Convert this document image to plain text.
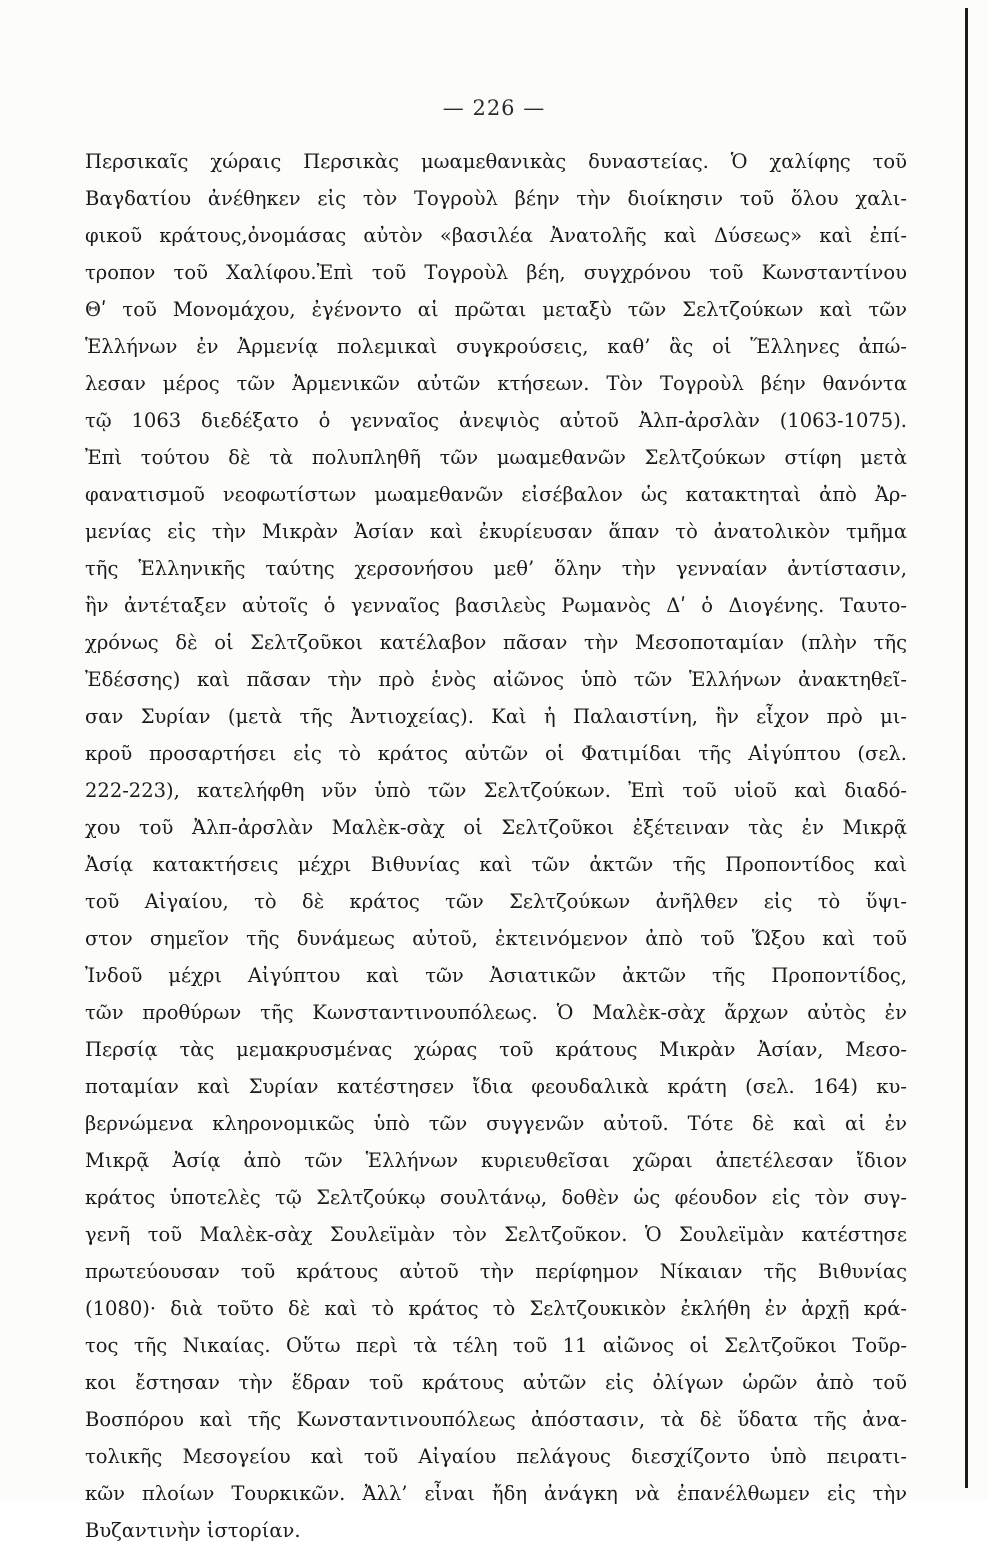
— 226 —
Περσικαῖς χώραις Περσικὰς μωαμεθανικὰς δυναστείας. Ὁ χαλίφης τοῦ
Βαγδατίου ἀνέθηκεν εἰς τὸν Τογροὺλ βέην τὴν διοίκησιν τοῦ ὅλου χαλι-
φικοῦ κράτους,ὀνομάσας αὐτὸν «βασιλέα Ἀνατολῆς καὶ Δύσεως» καὶ ἐπί-
τροπον τοῦ Χαλίφου.Ἐπὶ τοῦ Τογροὺλ βέη, συγχρόνου τοῦ Κωνσταντίνου
Θʹ τοῦ Μονομάχου, ἐγένοντο αἱ πρῶται μεταξὺ τῶν Σελτζούκων καὶ τῶν
Ἑλλήνων ἐν Ἀρμενίᾳ πολεμικαὶ συγκρούσεις, καθ’ ἃς οἱ Ἕλληνες ἀπώ-
λεσαν μέρος τῶν Ἀρμενικῶν αὐτῶν κτήσεων. Τὸν Τογροὺλ βέην θανόντα
τῷ 1063 διεδέξατο ὁ γενναῖος ἀνεψιὸς αὐτοῦ Ἀλπ-ἀρσλὰν (1063-1075).
Ἐπὶ τούτου δὲ τὰ πολυπληθῆ τῶν μωαμεθανῶν Σελτζούκων στίφη μετὰ
φανατισμοῦ νεοφωτίστων μωαμεθανῶν εἰσέβαλον ὡς κατακτηταὶ ἀπὸ Ἀρ-
μενίας εἰς τὴν Μικρὰν Ἀσίαν καὶ ἐκυρίευσαν ἅπαν τὸ ἀνατολικὸν τμῆμα
τῆς Ἑλληνικῆς ταύτης χερσονήσου μεθ’ ὅλην τὴν γενναίαν ἀντίστασιν,
ἣν ἀντέταξεν αὐτοῖς ὁ γενναῖος βασιλεὺς Ρωμανὸς Δʹ ὁ Διογένης. Ταυτο-
χρόνως δὲ οἱ Σελτζοῦκοι κατέλαβον πᾶσαν τὴν Μεσοποταμίαν (πλὴν τῆς
Ἐδέσσης) καὶ πᾶσαν τὴν πρὸ ἑνὸς αἰῶνος ὑπὸ τῶν Ἑλλήνων ἀνακτηθεῖ-
σαν Συρίαν (μετὰ τῆς Ἀντιοχείας). Καὶ ἡ Παλαιστίνη, ἣν εἶχον πρὸ μι-
κροῦ προσαρτήσει εἰς τὸ κράτος αὐτῶν οἱ Φατιμίδαι τῆς Αἰγύπτου (σελ.
222-223), κατελήφθη νῦν ὑπὸ τῶν Σελτζούκων. Ἐπὶ τοῦ υἱοῦ καὶ διαδό-
χου τοῦ Ἀλπ-ἀρσλὰν Μαλὲκ-σὰχ οἱ Σελτζοῦκοι ἐξέτειναν τὰς ἐν Μικρᾷ
Ἀσίᾳ κατακτήσεις μέχρι Βιθυνίας καὶ τῶν ἀκτῶν τῆς Προποντίδος καὶ
τοῦ Αἰγαίου, τὸ δὲ κράτος τῶν Σελτζούκων ἀνῆλθεν εἰς τὸ ὕψι-
στον σημεῖον τῆς δυνάμεως αὐτοῦ, ἐκτεινόμενον ἀπὸ τοῦ Ὥξου καὶ τοῦ
Ἰνδοῦ μέχρι Αἰγύπτου καὶ τῶν Ἀσιατικῶν ἀκτῶν τῆς Προποντίδος,
τῶν προθύρων τῆς Κωνσταντινουπόλεως. Ὁ Μαλὲκ-σὰχ ἄρχων αὐτὸς ἐν
Περσίᾳ τὰς μεμακρυσμένας χώρας τοῦ κράτους Μικρὰν Ἀσίαν, Μεσο-
ποταμίαν καὶ Συρίαν κατέστησεν ἴδια φεουδαλικὰ κράτη (σελ. 164) κυ-
βερνώμενα κληρονομικῶς ὑπὸ τῶν συγγενῶν αὐτοῦ. Τότε δὲ καὶ αἱ ἐν
Μικρᾷ Ἀσίᾳ ἀπὸ τῶν Ἑλλήνων κυριευθεῖσαι χῶραι ἀπετέλεσαν ἴδιον
κράτος ὑποτελὲς τῷ Σελτζούκῳ σουλτάνῳ, δοθὲν ὡς φέουδον εἰς τὸν συγ-
γενῆ τοῦ Μαλὲκ-σὰχ Σουλεϊμὰν τὸν Σελτζοῦκον. Ὁ Σουλεϊμὰν κατέστησε
πρωτεύουσαν τοῦ κράτους αὐτοῦ τὴν περίφημον Νίκαιαν τῆς Βιθυνίας
(1080)· διὰ τοῦτο δὲ καὶ τὸ κράτος τὸ Σελτζουκικὸν ἐκλήθη ἐν ἀρχῇ κρά-
τος τῆς Νικαίας. Οὕτω περὶ τὰ τέλη τοῦ 11 αἰῶνος οἱ Σελτζοῦκοι Τοῦρ-
κοι ἔστησαν τὴν ἕδραν τοῦ κράτους αὐτῶν εἰς ὀλίγων ὡρῶν ἀπὸ τοῦ
Βοσπόρου καὶ τῆς Κωνσταντινουπόλεως ἀπόστασιν, τὰ δὲ ὕδατα τῆς ἀνα-
τολικῆς Μεσογείου καὶ τοῦ Αἰγαίου πελάγους διεσχίζοντο ὑπὸ πειρατι-
κῶν πλοίων Τουρκικῶν. Ἀλλ’ εἶναι ἤδη ἀνάγκη νὰ ἐπανέλθωμεν εἰς τὴν
Βυζαντινὴν ἱστορίαν.
